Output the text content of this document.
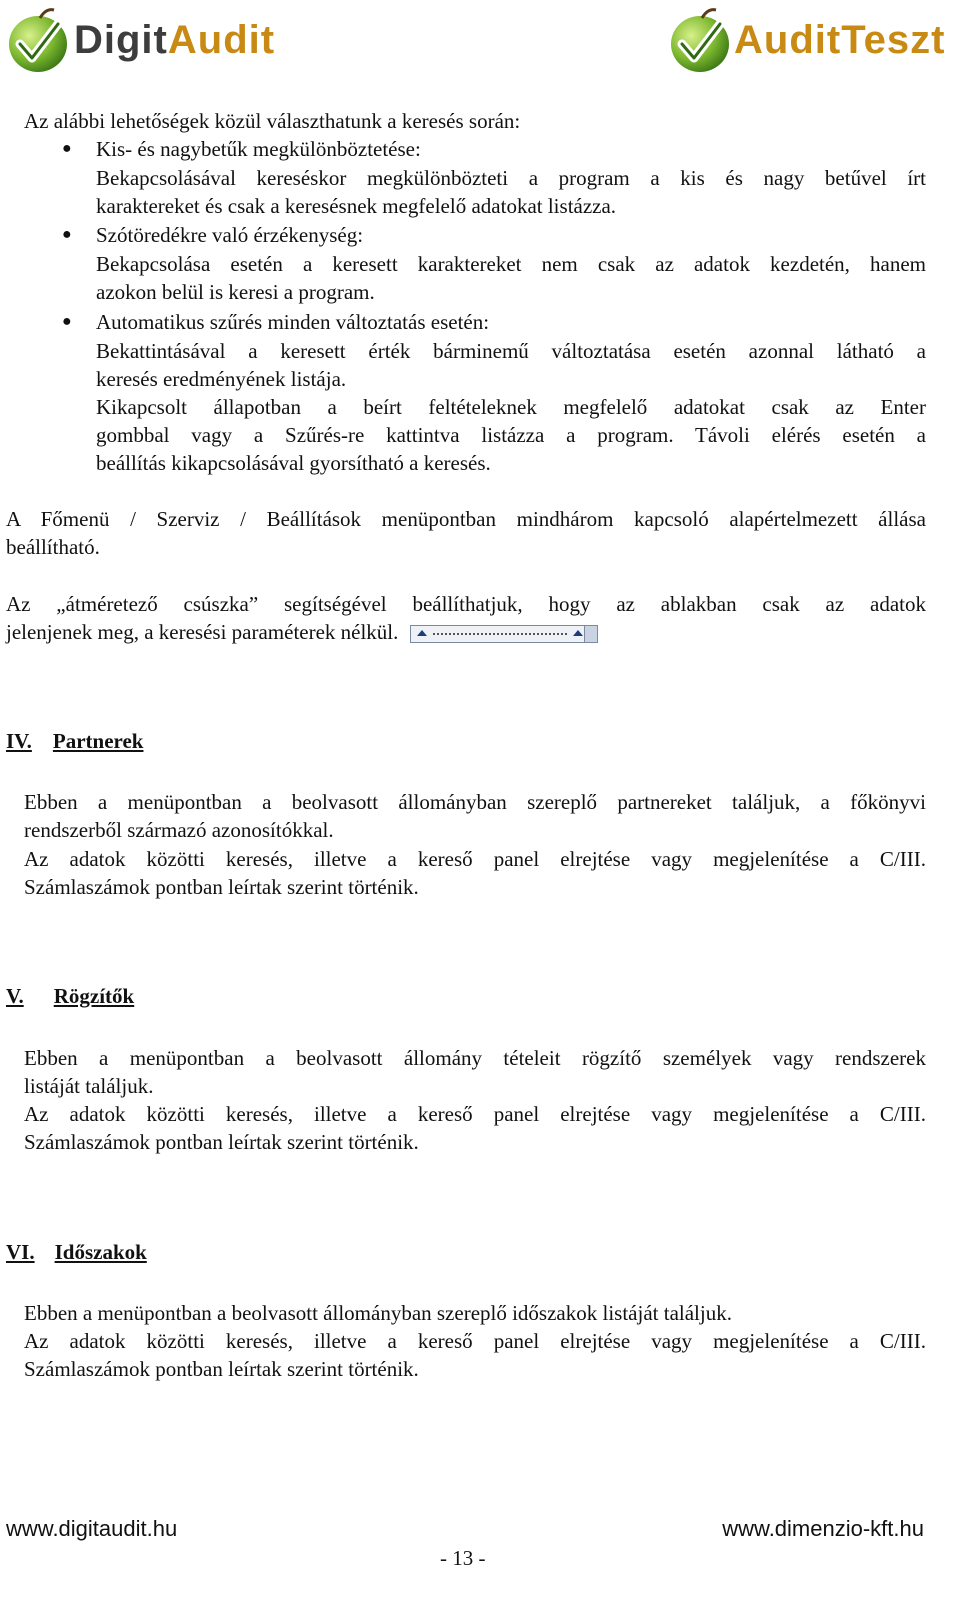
DigitAudit	AuditTeszt
Az alábbi lehetőségek közül választhatunk a keresés során:
● Kis- és nagybetűk megkülönböztetése:
Bekapcsolásával kereséskor megkülönbözteti a program a kis és nagy betűvel írt
karaktereket és csak a keresésnek megfelelő adatokat listázza.
● Szótöredékre való érzékenység:
Bekapcsolása esetén a keresett karaktereket nem csak az adatok kezdetén, hanem
azokon belül is keresi a program.
● Automatikus szűrés minden változtatás esetén:
Bekattintásával a keresett érték bárminemű változtatása esetén azonnal látható a
keresés eredményének listája.
Kikapcsolt állapotban a beírt feltételeknek megfelelő adatokat csak az Enter
gombbal vagy a Szűrés-re kattintva listázza a program. Távoli elérés esetén a
beállítás kikapcsolásával gyorsítható a keresés.
A Főmenü / Szerviz / Beállítások menüpontban mindhárom kapcsoló alapértelmezett állása
beállítható.
Az „átméretező csúszka” segítségével beállíthatjuk, hogy az ablakban csak az adatok
jelenjenek meg, a keresési paraméterek nélkül.
IV. Partnerek
Ebben a menüpontban a beolvasott állományban szereplő partnereket találjuk, a főkönyvi
rendszerből származó azonosítókkal.
Az adatok közötti keresés, illetve a kereső panel elrejtése vagy megjelenítése a C/III.
Számlaszámok pontban leírtak szerint történik.
V. Rögzítők
Ebben a menüpontban a beolvasott állomány tételeit rögzítő személyek vagy rendszerek
listáját találjuk.
Az adatok közötti keresés, illetve a kereső panel elrejtése vagy megjelenítése a C/III.
Számlaszámok pontban leírtak szerint történik.
VI. Időszakok
Ebben a menüpontban a beolvasott állományban szereplő időszakok listáját találjuk.
Az adatok közötti keresés, illetve a kereső panel elrejtése vagy megjelenítése a C/III.
Számlaszámok pontban leírtak szerint történik.
www.digitaudit.hu	www.dimenzio-kft.hu
- 13 -
